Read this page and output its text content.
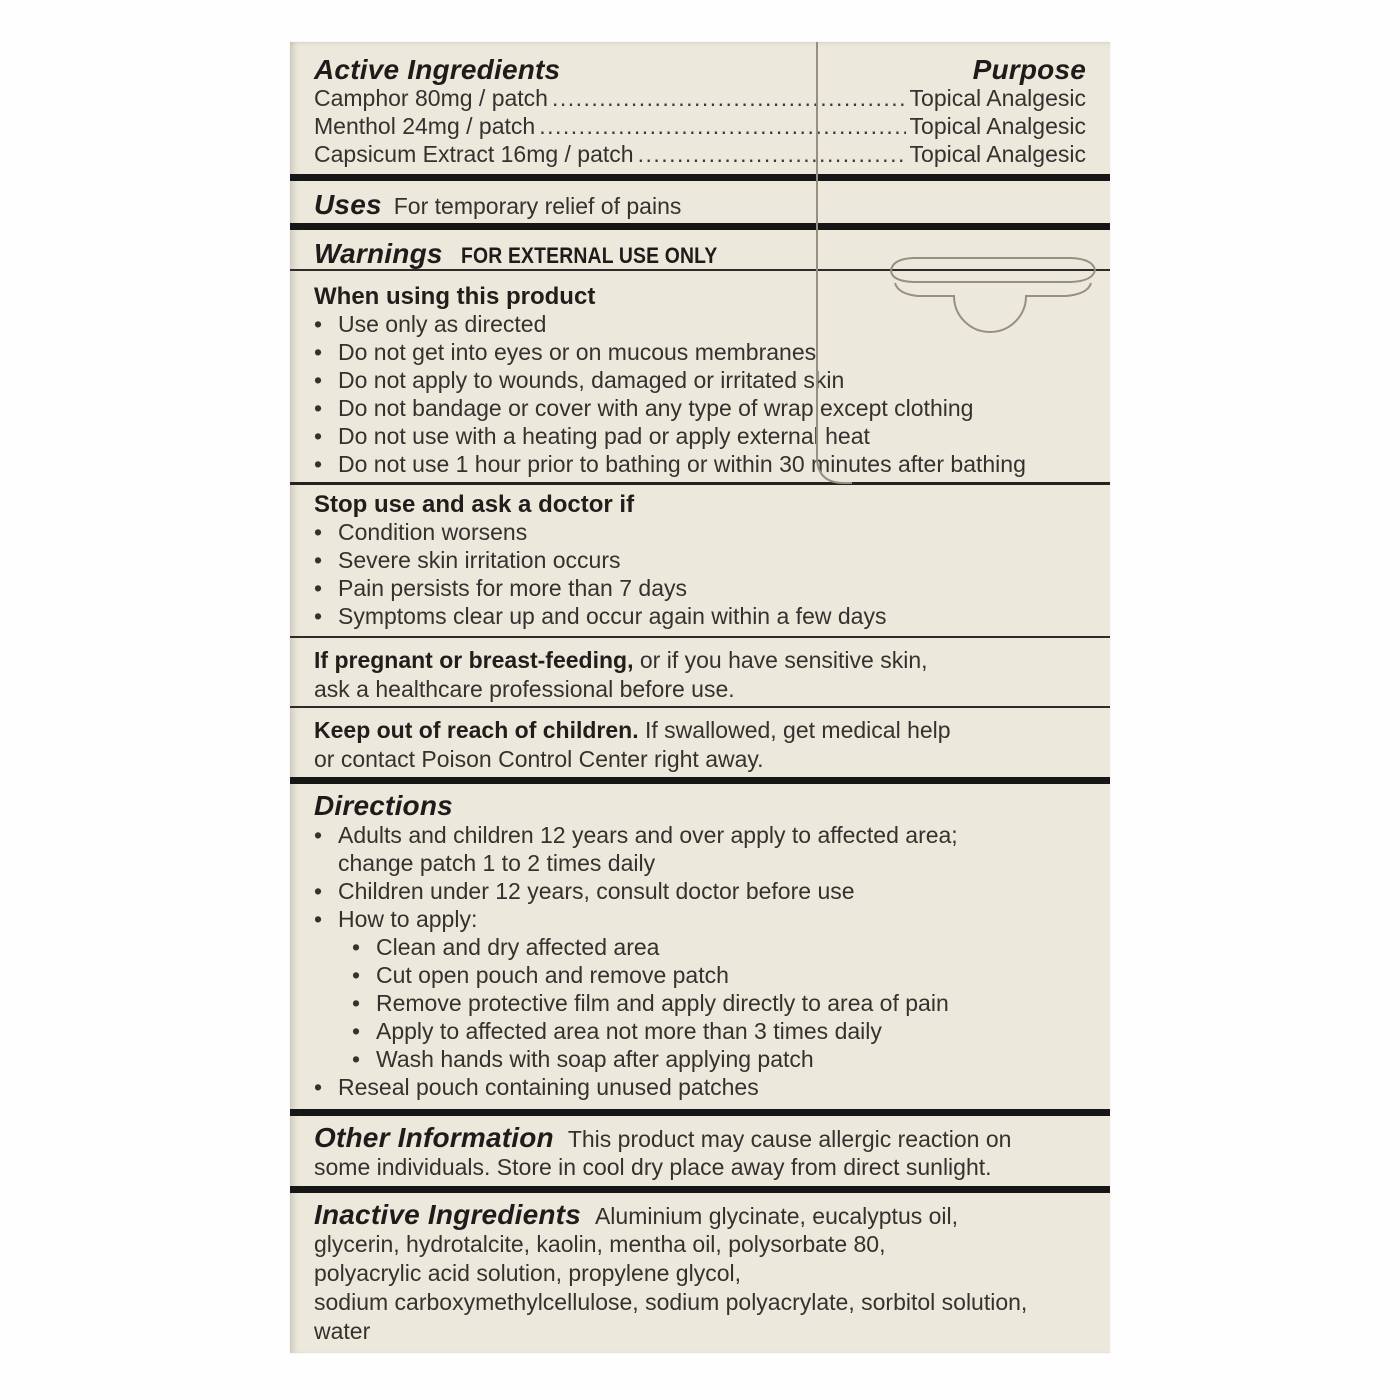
Active Ingredients	Purpose
Camphor 80mg / patch .....	Topical Analgesic
Menthol 24mg / patch .....	Topical Analgesic
Capsicum Extract 16mg / patch .....	Topical Analgesic
Uses For temporary relief of pains
Warnings FOR EXTERNAL USE ONLY
When using this product
• Use only as directed
• Do not get into eyes or on mucous membranes
• Do not apply to wounds, damaged or irritated skin
• Do not bandage or cover with any type of wrap except clothing
• Do not use with a heating pad or apply external heat
• Do not use 1 hour prior to bathing or within 30 minutes after bathing
Stop use and ask a doctor if
• Condition worsens
• Severe skin irritation occurs
• Pain persists for more than 7 days
• Symptoms clear up and occur again within a few days
If pregnant or breast-feeding, or if you have sensitive skin,
ask a healthcare professional before use.
Keep out of reach of children. If swallowed, get medical help
or contact Poison Control Center right away.
Directions
• Adults and children 12 years and over apply to affected area;
change patch 1 to 2 times daily
• Children under 12 years, consult doctor before use
• How to apply:
• Clean and dry affected area
• Cut open pouch and remove patch
• Remove protective film and apply directly to area of pain
• Apply to affected area not more than 3 times daily
• Wash hands with soap after applying patch
• Reseal pouch containing unused patches
Other Information This product may cause allergic reaction on
some individuals. Store in cool dry place away from direct sunlight.
Inactive Ingredients Aluminium glycinate, eucalyptus oil,
glycerin, hydrotalcite, kaolin, mentha oil, polysorbate 80,
polyacrylic acid solution, propylene glycol,
sodium carboxymethylcellulose, sodium polyacrylate, sorbitol solution,
water
